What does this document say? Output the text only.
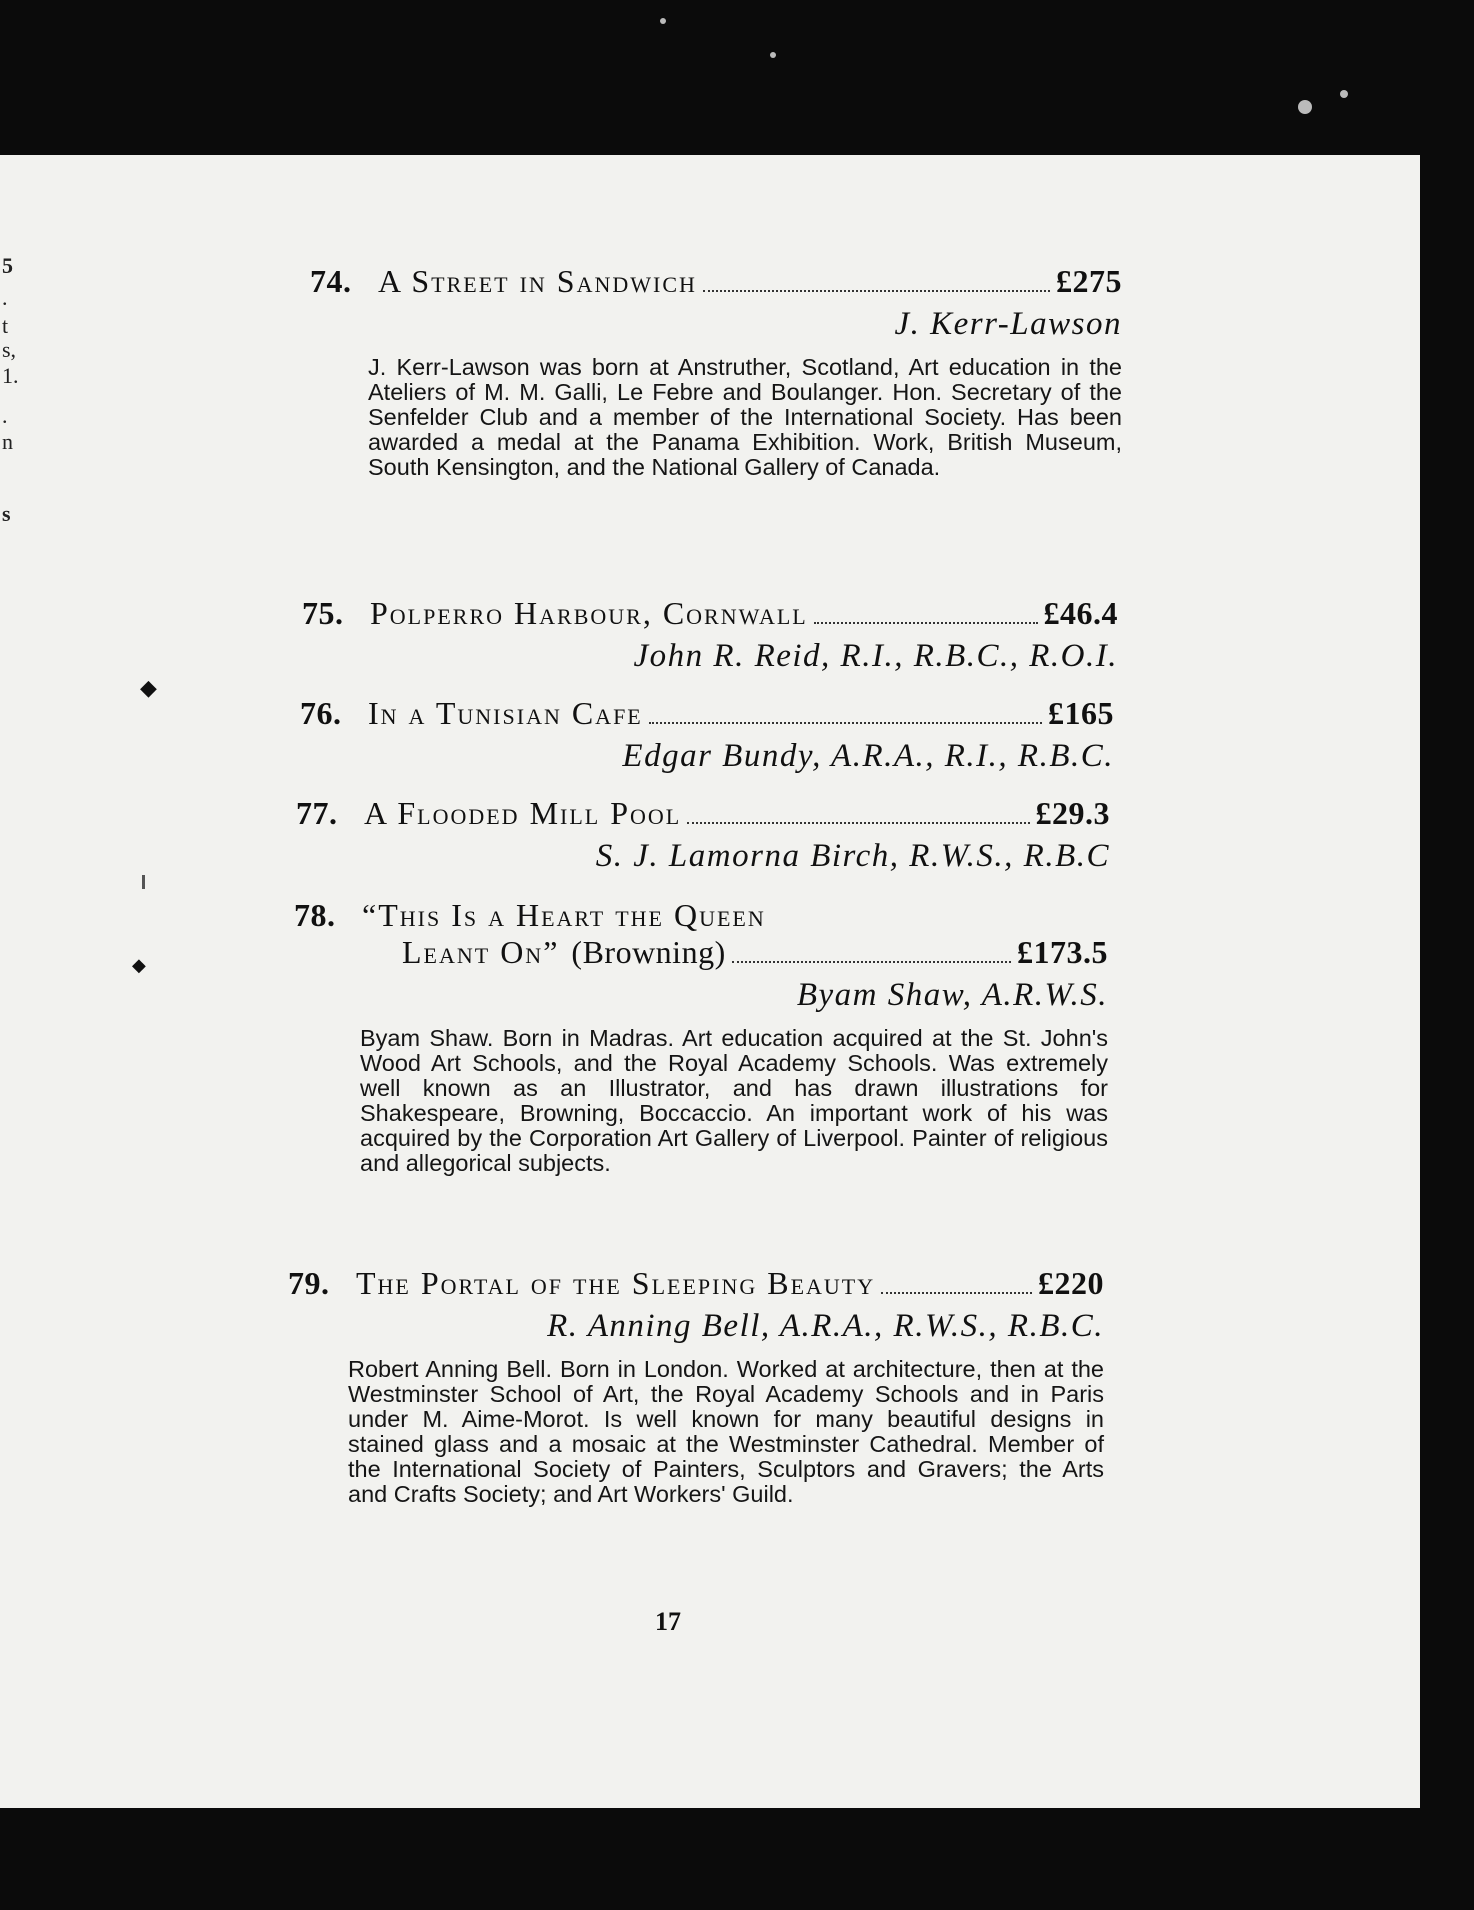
5
.
t
s,
1.
.
n
s
◆
◆
74. A Street in Sandwich	£275
J. Kerr-Lawson
J. Kerr-Lawson was born at Anstruther, Scotland, Art education in the Ateliers of M. M. Galli, Le Febre and Boulanger. Hon. Secretary of the Senfelder Club and a member of the International Society. Has been awarded a medal at the Panama Exhibition. Work, British Museum, South Kensington, and the National Gallery of Canada.
75. Polperro Harbour, Cornwall	£46.4
John R. Reid, R.I., R.B.C., R.O.I.
76. In a Tunisian Cafe	£165
Edgar Bundy, A.R.A., R.I., R.B.C.
77. A Flooded Mill Pool	£29.3
S. J. Lamorna Birch, R.W.S., R.B.C
78. “This Is a Heart the Queen
Leant On” (Browning)	£173.5
Byam Shaw, A.R.W.S.
Byam Shaw. Born in Madras. Art education acquired at the St. John's Wood Art Schools, and the Royal Academy Schools. Was extremely well known as an Illustrator, and has drawn illustrations for Shakespeare, Browning, Boccaccio. An important work of his was acquired by the Corporation Art Gallery of Liverpool. Painter of religious and allegorical subjects.
79. The Portal of the Sleeping Beauty	£220
R. Anning Bell, A.R.A., R.W.S., R.B.C.
Robert Anning Bell. Born in London. Worked at architecture, then at the Westminster School of Art, the Royal Academy Schools and in Paris under M. Aime-Morot. Is well known for many beautiful designs in stained glass and a mosaic at the Westminster Cathedral. Member of the International Society of Painters, Sculptors and Gravers; the Arts and Crafts Society; and Art Workers' Guild.
17
